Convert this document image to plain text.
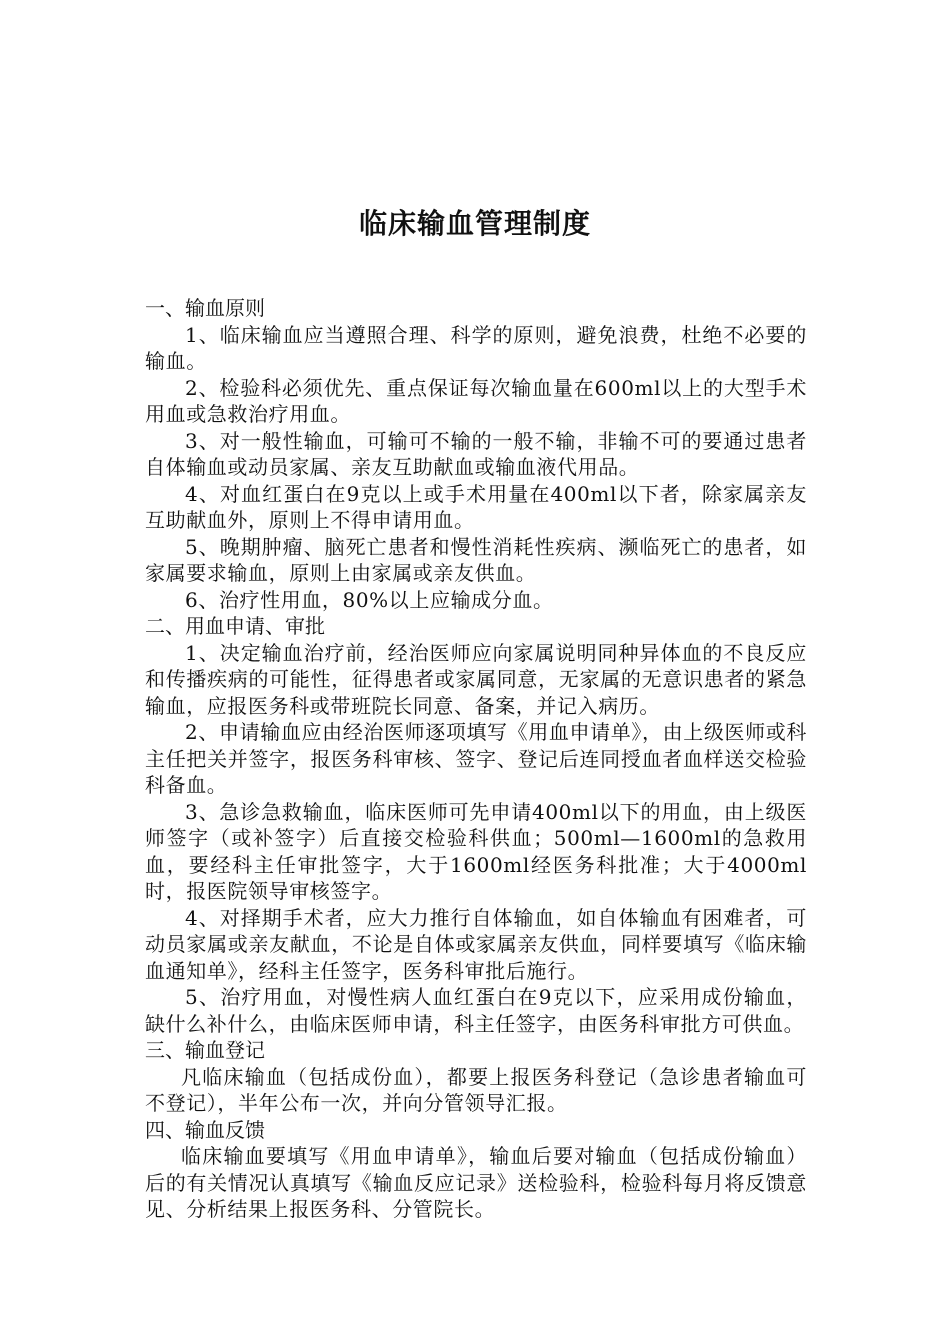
临床输血管理制度

一、输血原则

1、临床输血应当遵照合理、科学的原则，避免浪费，杜绝不必要的输血。

2、检验科必须优先、重点保证每次输血量在600ml以上的大型手术用血或急救治疗用血。

3、对一般性输血，可输可不输的一般不输，非输不可的要通过患者自体输血或动员家属、亲友互助献血或输血液代用品。

4、对血红蛋白在9克以上或手术用量在400ml以下者，除家属亲友互助献血外，原则上不得申请用血。

5、晚期肿瘤、脑死亡患者和慢性消耗性疾病、濒临死亡的患者，如家属要求输血，原则上由家属或亲友供血。

6、治疗性用血，80%以上应输成分血。

二、用血申请、审批

1、决定输血治疗前，经治医师应向家属说明同种异体血的不良反应和传播疾病的可能性，征得患者或家属同意，无家属的无意识患者的紧急输血，应报医务科或带班院长同意、备案，并记入病历。

2、申请输血应由经治医师逐项填写《用血申请单》，由上级医师或科主任把关并签字，报医务科审核、签字、登记后连同授血者血样送交检验科备血。

3、急诊急救输血，临床医师可先申请400ml以下的用血，由上级医师签字（或补签字）后直接交检验科供血；500ml—1600ml的急救用血，要经科主任审批签字，大于1600ml经医务科批准；大于4000ml时，报医院领导审核签字。

4、对择期手术者，应大力推行自体输血，如自体输血有困难者，可动员家属或亲友献血，不论是自体或家属亲友供血，同样要填写《临床输血通知单》，经科主任签字，医务科审批后施行。

5、治疗用血，对慢性病人血红蛋白在9克以下，应采用成份输血，缺什么补什么，由临床医师申请，科主任签字，由医务科审批方可供血。

三、输血登记

凡临床输血（包括成份血），都要上报医务科登记（急诊患者输血可不登记），半年公布一次，并向分管领导汇报。

四、输血反馈

临床输血要填写《用血申请单》，输血后要对输血（包括成份输血）后的有关情况认真填写《输血反应记录》送检验科，检验科每月将反馈意见、分析结果上报医务科、分管院长。
